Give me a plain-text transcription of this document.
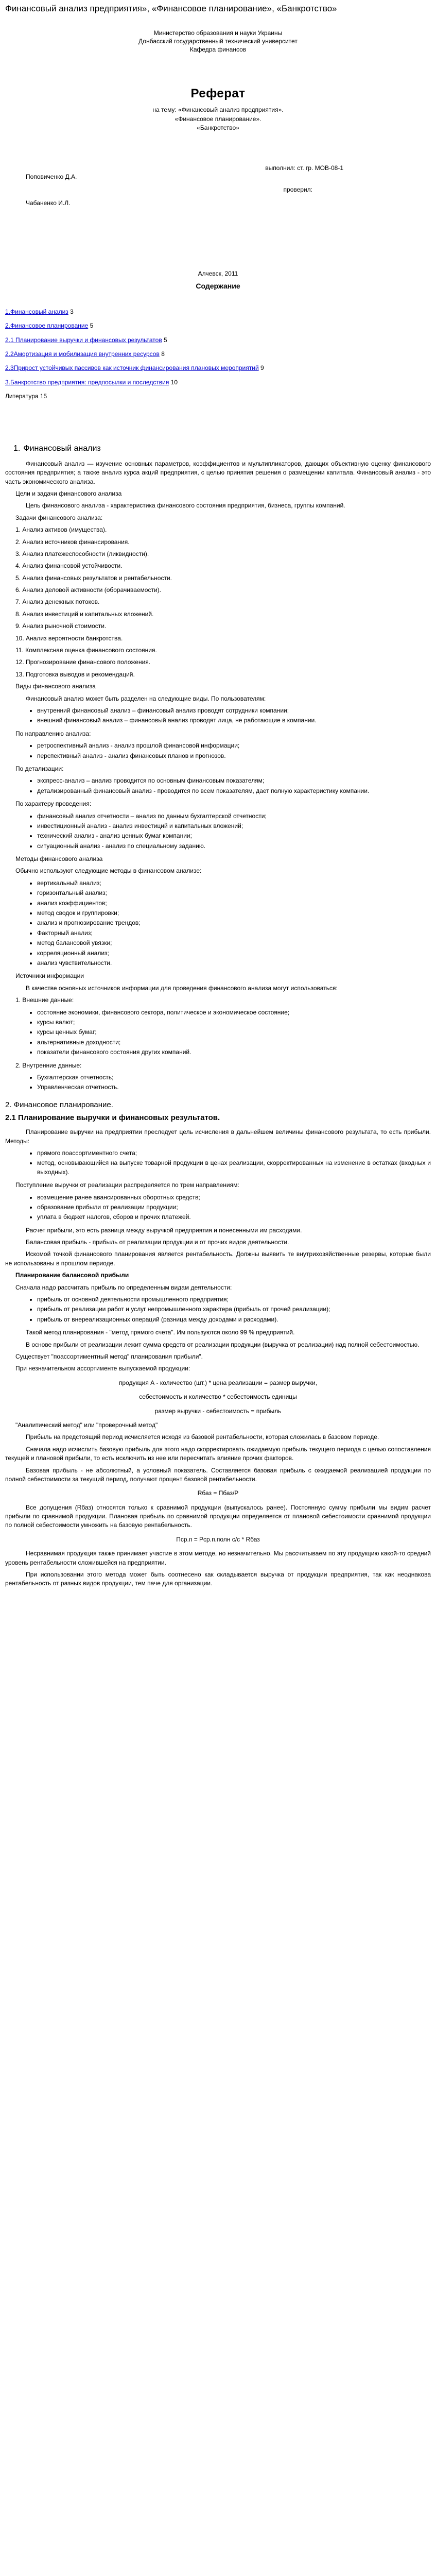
Финансовый анализ предприятия», «Финансовое планирование», «Банкротство»
Министерство образования и науки Украины
Донбасский государственный технический университет
Кафедра финансов
Реферат
на тему: «Финансовый анализ предприятия».
«Финансовое планирование».
«Банкротство»
выполнил: ст. гр. МОВ-08-1
Поповиченко Д.А.
проверил:
Чабаненко И.Л.
Алчевск, 2011
Содержание
1.Финансовый анализ 3
2.Финансовое планирование 5
2.1 Планирование выручки и финансовых результатов 5
2.2Амортизация и мобилизация внутренних ресурсов 8
2.3Прирост устойчивых пассивов как источник финансирования плановых мероприятий 9
3.Банкротство предприятия: предпосылки и последствия 10
Литература 15
1. Финансовый анализ

Финансовый анализ — изучение основных параметров, коэффициентов и мультипликаторов, дающих объективную оценку финансового состояния предприятия; а также анализ курса акций предприятия, с целью принятия решения о размещении капитала. Финансовый анализ - это часть экономического анализа.

Цели и задачи финансового анализа

Цель финансового анализа - характеристика финансового состояния предприятия, бизнеса, группы компаний.

Задачи финансового анализа:

1. Анализ активов (имущества).

2. Анализ источников финансирования.

3. Анализ платежеспособности (ликвидности).

4. Анализ финансовой устойчивости.

5. Анализ финансовых результатов и рентабельности.

6. Анализ деловой активности (оборачиваемости).

7. Анализ денежных потоков.

8. Анализ инвестиций и капитальных вложений.

9. Анализ рыночной стоимости.

10. Анализ вероятности банкротства.

11. Комплексная оценка финансового состояния.

12. Прогнозирование финансового положения.

13. Подготовка выводов и рекомендаций.

Виды финансового анализа

Финансовый анализ может быть разделен на следующие виды. По пользователям:

• внутренний финансовый анализ – финансовый анализ проводят сотрудники компании;
• внешний финансовый анализ – финансовый анализ проводят лица, не работающие в компании.

По направлению анализа:

• ретроспективный анализ - анализ прошлой финансовой информации;
• перспективный анализ - анализ финансовых планов и прогнозов.

По детализации:

• экспресс-анализ – анализ проводится по основным финансовым показателям;
• детализированный финансовый анализ - проводится по всем показателям, дает полную характеристику компании.

По характеру проведения:

• финансовый анализ отчетности – анализ по данным бухгалтерской отчетности;
• инвестиционный анализ - анализ инвестиций и капитальных вложений;
• технический анализ - анализ ценных бумаг компании;
• ситуационный анализ - анализ по специальному заданию.

Методы финансового анализа

Обычно используют следующие методы в финансовом анализе:

• вертикальный анализ;
• горизонтальный анализ;
• анализ коэффициентов;
• метод сводок и группировки;
• анализ и прогнозирование трендов;
• Факторный анализ;
• метод балансовой увязки;
• корреляционный анализ;
• анализ чувствительности.

Источники информации

В качестве основных источников информации для проведения финансового анализа могут использоваться:

1. Внешние данные:

• состояние экономики, финансового сектора, политическое и экономическое состояние;
• курсы валют;
• курсы ценных бумаг;
• альтернативные доходности;
• показатели финансового состояния других компаний.

2. Внутренние данные:

• Бухгалтерская отчетность;
• Управленческая отчетность.
2. Финансовое планирование.
2.1 Планирование выручки и финансовых результатов.

Планирование выручки на предприятии преследует цель исчисления в дальнейшем величины финансового результата, то есть прибыли. Методы:

• прямого поассортиментного счета;
• метод, основывающийся на выпуске товарной продукции в ценах реализации, скорректированных на изменение в остатках (входных и выходных).

Поступление выручки от реализации распределяется по трем направлениям:

• возмещение ранее авансированных оборотных средств;
• образование прибыли от реализации продукции;
• уплата в бюджет налогов, сборов и прочих платежей.

Расчет прибыли, это есть разница между выручкой предприятия и понесенными им расходами.

Балансовая прибыль - прибыль от реализации продукции и от прочих видов деятельности.

Искомой точкой финансового планирования является рентабельность. Должны выявить те внутрихозяйственные резервы, которые были не использованы в прошлом периоде.

Планирование балансовой прибыли

Сначала надо рассчитать прибыль по определенным видам деятельности:

• прибыль от основной деятельности промышленного предприятия;
• прибыль от реализации работ и услуг непромышленного характера (прибыль от прочей реализации);
• прибыль от внереализационных операций (разница между доходами и расходами).

Такой метод планирования - "метод прямого счета". Им пользуются около 99 % предприятий.

В основе прибыли от реализации лежит сумма средств от реализации продукции (выручка от реализации) над полной себестоимостью.

Существует "поассортиментный метод" планирования прибыли".

При незначительном ассортименте выпускаемой продукции:

продукция А - количество (шт.) * цена реализации = размер выручки,
себестоимость и количество * себестоимость единицы
размер выручки - себестоимость = прибыль

"Аналитический метод" или "проверочный метод"

Прибыль на предстоящий период исчисляется исходя из базовой рентабельности, которая сложилась в базовом периоде.

Сначала надо исчислить базовую прибыль для этого надо скорректировать ожидаемую прибыль текущего периода с целью сопоставления текущей и плановой прибыли, то есть исключить из нее или пересчитать влияние прочих факторов.

Базовая прибыль - не абсолютный, а условный показатель. Составляется базовая прибыль с ожидаемой реализацией продукции по полной себестоимости за текущий период, получают процент базовой рентабельности.

Rбаз = Пбаз/Р

Все допущения (Rбаз) относятся только к сравнимой продукции (выпускалось ранее). Постоянную сумму прибыли мы видим расчет прибыли по сравнимой продукции. Плановая прибыль по сравнимой продукции определяется от плановой себестоимости сравнимой продукции по полной себестоимости умножить на базовую рентабельность.

Пср.п = Рср.п.полн с/с * Rбаз

Несравнимая продукция также принимает участие в этом методе, но незначительно. Мы рассчитываем по эту продукцию какой-то средний уровень рентабельности сложившейся на предприятии.

При использовании этого метода может быть соотнесено как складывается выручка от продукции предприятия, так как неоднакова рентабельность от разных видов продукции, тем паче для организации.
